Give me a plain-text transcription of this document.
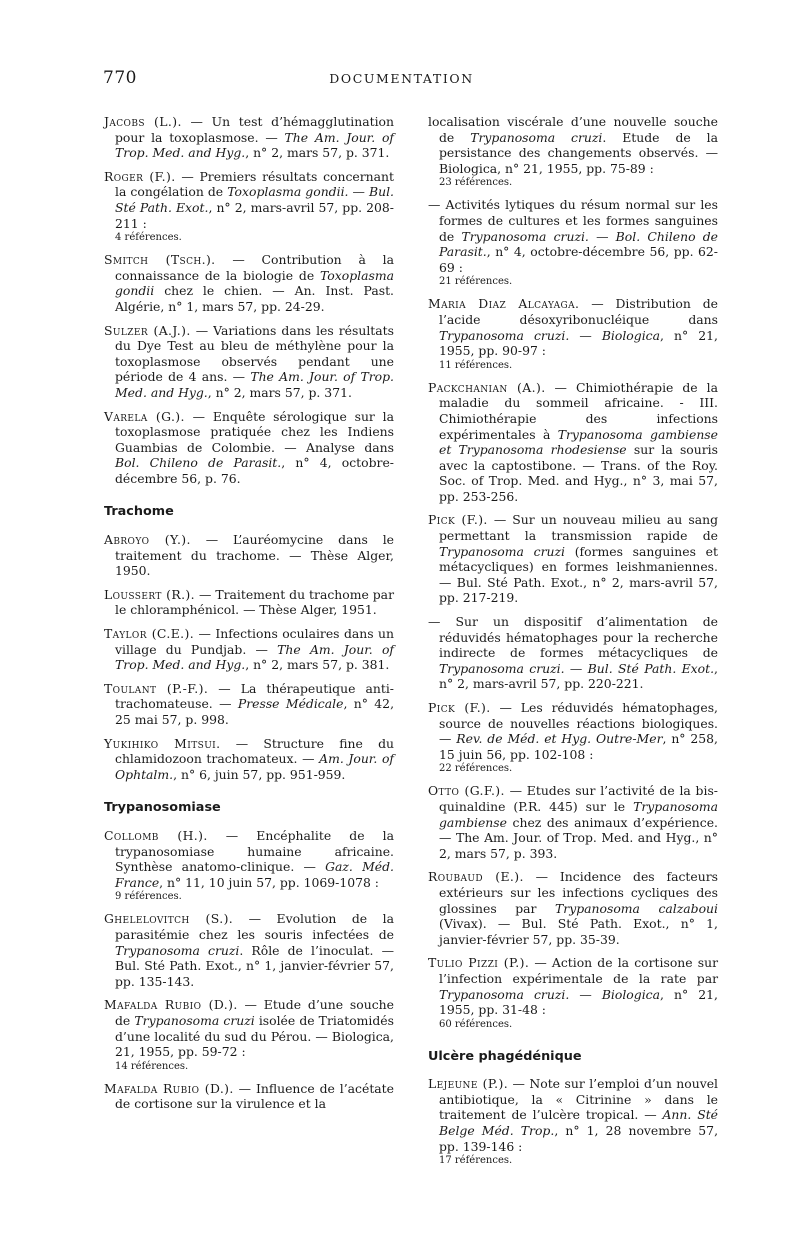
770	DOCUMENTATION

Jacobs (L.). — Un test d’hémagglutination pour la toxoplasmose. — The Am. Jour. of Trop. Med. and Hyg., n° 2, mars 57, p. 371.

Roger (F.). — Premiers résultats concernant la congélation de Toxoplasma gondii. — Bul. Sté Path. Exot., n° 2, mars-avril 57, pp. 208-211 :
4 références.

Smitch (Tsch.). — Contribution à la connaissance de la biologie de Toxoplasma gondii chez le chien. — An. Inst. Past. Algérie, n° 1, mars 57, pp. 24-29.

Sulzer (A.J.). — Variations dans les résultats du Dye Test au bleu de méthylène pour la toxoplasmose observés pendant une période de 4 ans. — The Am. Jour. of Trop. Med. and Hyg., n° 2, mars 57, p. 371.

Varela (G.). — Enquête sérologique sur la toxoplasmose pratiquée chez les Indiens Guambias de Colombie. — Analyse dans Bol. Chileno de Parasit., n° 4, octobre-décembre 56, p. 76.

Trachome

Abroyo (Y.). — L’auréomycine dans le traitement du trachome. — Thèse Alger, 1950.

Loussert (R.). — Traitement du trachome par le chloramphénicol. — Thèse Alger, 1951.

Taylor (C.E.). — Infections oculaires dans un village du Pundjab. — The Am. Jour. of Trop. Med. and Hyg., n° 2, mars 57, p. 381.

Toulant (P.-F.). — La thérapeutique anti-trachomateuse. — Presse Médicale, n° 42, 25 mai 57, p. 998.

Yukihiko Mitsui. — Structure fine du chlamidozoon trachomateux. — Am. Jour. of Ophtalm., n° 6, juin 57, pp. 951-959.

Trypanosomiase

Collomb (H.). — Encéphalite de la trypanosomiase humaine africaine. Synthèse anatomo-clinique. — Gaz. Méd. France, n° 11, 10 juin 57, pp. 1069-1078 :
9 références.

Ghelelovitch (S.). — Evolution de la parasitémie chez les souris infectées de Trypanosoma cruzi. Rôle de l’inoculat. — Bul. Sté Path. Exot., n° 1, janvier-février 57, pp. 135-143.

Mafalda Rubio (D.). — Etude d’une souche de Trypanosoma cruzi isolée de Triatomidés d’une localité du sud du Pérou. — Biologica, 21, 1955, pp. 59-72 :
14 références.

Mafalda Rubio (D.). — Influence de l’acétate de cortisone sur la virulence et la

localisation viscérale d’une nouvelle souche de Trypanosoma cruzi. Etude de la persistance des changements observés. — Biologica, n° 21, 1955, pp. 75-89 :
23 références.

— Activités lytiques du résum normal sur les formes de cultures et les formes sanguines de Trypanosoma cruzi. — Bol. Chileno de Parasit., n° 4, octobre-décembre 56, pp. 62-69 :
21 références.

Maria Diaz Alcayaga. — Distribution de l’acide désoxyribonucléique dans Trypanosoma cruzi. — Biologica, n° 21, 1955, pp. 90-97 :
11 références.

Packchanian (A.). — Chimiothérapie de la maladie du sommeil africaine. - III. Chimiothérapie des infections expérimentales à Trypanosoma gambiense et Trypanosoma rhodesiense sur la souris avec la captostibone. — Trans. of the Roy. Soc. of Trop. Med. and Hyg., n° 3, mai 57, pp. 253-256.

Pick (F.). — Sur un nouveau milieu au sang permettant la transmission rapide de Trypanosoma cruzi (formes sanguines et métacycliques) en formes leishmaniennes. — Bul. Sté Path. Exot., n° 2, mars-avril 57, pp. 217-219.

— Sur un dispositif d’alimentation de réduvidés hématophages pour la recherche indirecte de formes métacycliques de Trypanosoma cruzi. — Bul. Sté Path. Exot., n° 2, mars-avril 57, pp. 220-221.

Pick (F.). — Les réduvidés hématophages, source de nouvelles réactions biologiques. — Rev. de Méd. et Hyg. Outre-Mer, n° 258, 15 juin 56, pp. 102-108 :
22 références.

Otto (G.F.). — Etudes sur l’activité de la bis-quinaldine (P.R. 445) sur le Trypanosoma gambiense chez des animaux d’expérience. — The Am. Jour. of Trop. Med. and Hyg., n° 2, mars 57, p. 393.

Roubaud (E.). — Incidence des facteurs extérieurs sur les infections cycliques des glossines par Trypanosoma calzaboui (Vivax). — Bul. Sté Path. Exot., n° 1, janvier-février 57, pp. 35-39.

Tulio Pizzi (P.). — Action de la cortisone sur l’infection expérimentale de la rate par Trypanosoma cruzi. — Biologica, n° 21, 1955, pp. 31-48 :
60 références.

Ulcère phagédénique

Lejeune (P.). — Note sur l’emploi d’un nouvel antibiotique, la « Citrinine » dans le traitement de l’ulcère tropical. — Ann. Sté Belge Méd. Trop., n° 1, 28 novembre 57, pp. 139-146 :
17 références.
